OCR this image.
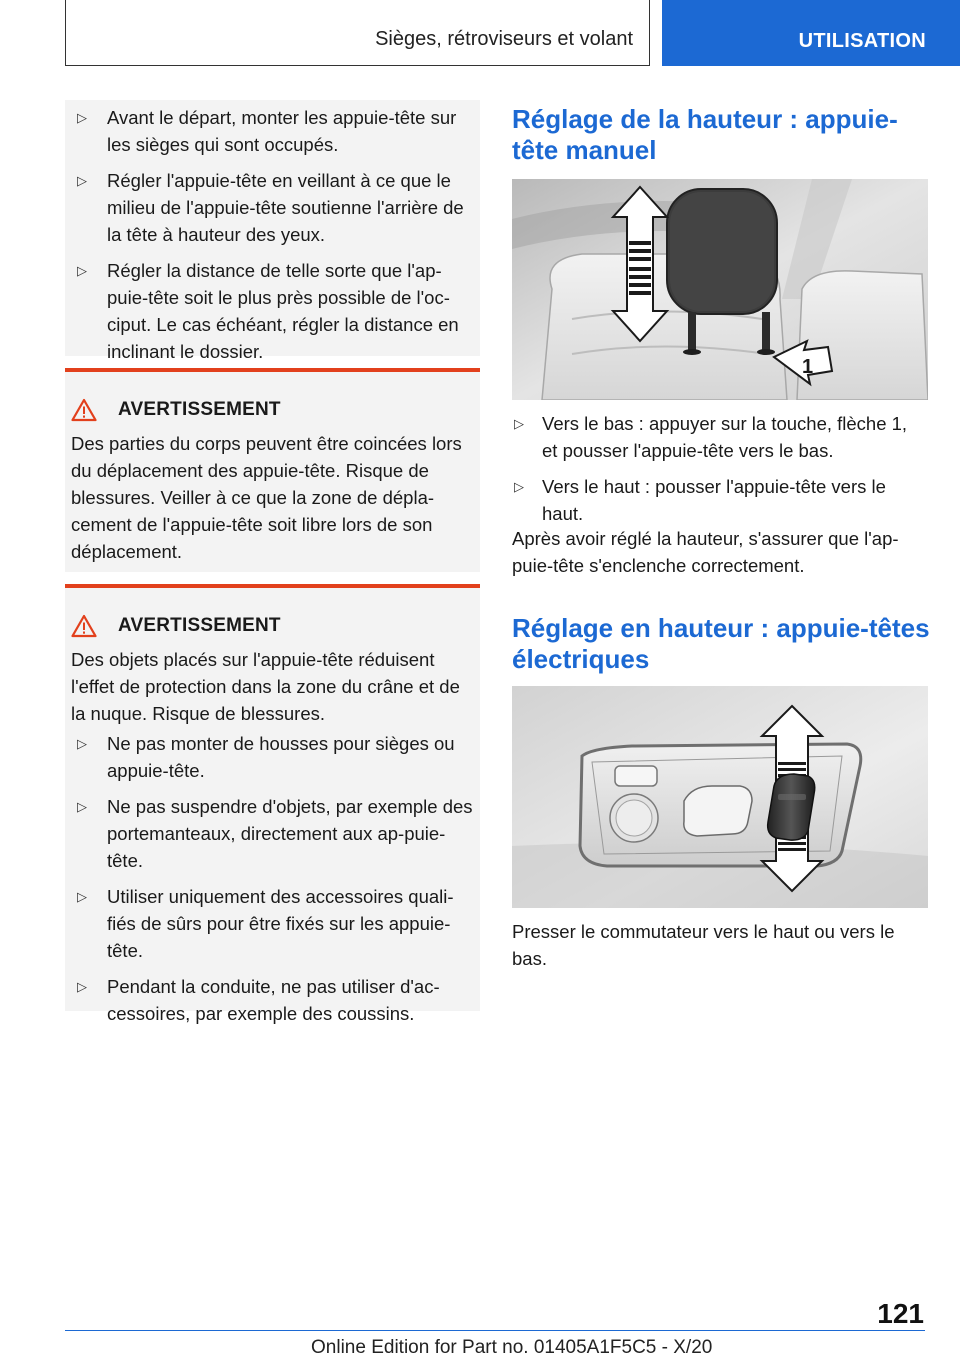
Sièges, rétroviseurs et volant	UTILISATION
▷ Avant le départ, monter les appuie-tête sur les sièges qui sont occupés.
▷ Régler l'appuie-tête en veillant à ce que le milieu de l'appuie-tête soutienne l'arrière de la tête à hauteur des yeux.
▷ Régler la distance de telle sorte que l'ap-puie-tête soit le plus près possible de l'oc-ciput. Le cas échéant, régler la distance en inclinant le dossier.
AVERTISSEMENT

Des parties du corps peuvent être coincées lors du déplacement des appuie-tête. Risque de blessures. Veiller à ce que la zone de dépla-cement de l'appuie-tête soit libre lors de son déplacement.

AVERTISSEMENT

Des objets placés sur l'appuie-tête réduisent l'effet de protection dans la zone du crâne et de la nuque. Risque de blessures.

▷ Ne pas monter de housses pour sièges ou appuie-tête.
▷ Ne pas suspendre d'objets, par exemple des portemanteaux, directement aux ap-puie-tête.
▷ Utiliser uniquement des accessoires quali-fiés de sûrs pour être fixés sur les appuie-tête.
▷ Pendant la conduite, ne pas utiliser d'ac-cessoires, par exemple des coussins.
Réglage de la hauteur : appuie-tête manuel
1
▷ Vers le bas : appuyer sur la touche, flèche 1, et pousser l'appuie-tête vers le bas.
▷ Vers le haut : pousser l'appuie-tête vers le haut.

Après avoir réglé la hauteur, s'assurer que l'ap-puie-tête s'enclenche correctement.

Réglage en hauteur : appuie-têtes électriques

Presser le commutateur vers le haut ou vers le bas.

121
Online Edition for Part no. 01405A1F5C5 - X/20
